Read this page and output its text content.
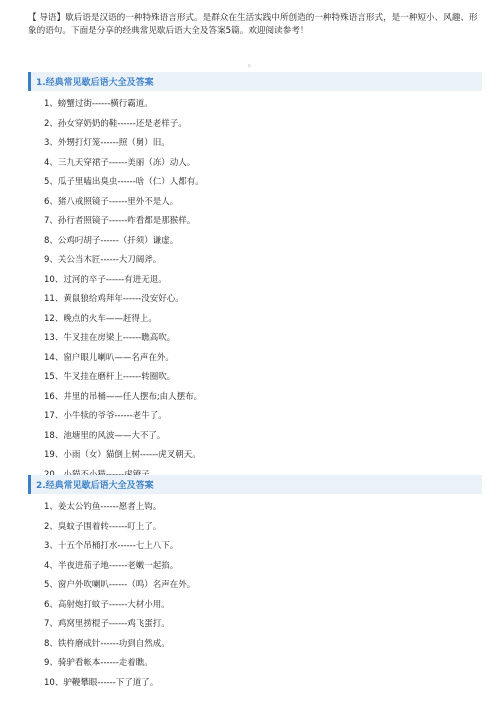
【 导语】歇后语是汉语的一种特殊语言形式。是群众在生活实践中所创造的一种特殊语言形式，是一种短小、风趣、形象的语句。下面是分享的经典常见歇后语大全及答案5篇。欢迎阅读参考！
。
1.经典常见歇后语大全及答案
1、螃蟹过街------横行霸道。
2、孙女穿奶奶的鞋------还是老样子。
3、外甥打灯笼------照（舅）旧。
4、三九天穿裙子------美丽（冻）动人。
5、瓜子里嗑出臭虫------啥（仁）人都有。
6、猪八戒照镜子------里外不是人。
7、孙行者照镜子------咋看都是那猴样。
8、公鸡叼胡子------（扦须）谦虚。
9、关公当木匠------大刀阔斧。
10、过河的卒子------有进无退。
11、黄鼠狼给鸡拜年------没安好心。
12、晚点的火车——赶得上。
13、牛叉挂在房梁上------瞧高吹。
14、窗户眼儿喇叭——名声在外。
15、牛叉挂在磨杆上------转圈吹。
16、井里的吊桶——任人摆布;由人摆布。
17、小牛犊的爷爷------老牛了。
18、池塘里的风波——大不了。
19、小雨（女）猫倒上树------虎叉朝天。
2.经典常见歇后语大全及答案
1、姜太公钓鱼------愿者上钩。
2、臭蚊子围着转------叮上了。
3、十五个吊桶打水------七上八下。
4、半夜进茄子地------老嫩一起掐。
5、窗户外吹喇叭------（鸣）名声在外。
6、高射炮打蚊子------大材小用。
7、鸡窝里捞棍子------鸡飞蛋打。
8、铁杵磨成针------功到自然成。
9、骑驴看帐本------走着瞧。
10、驴鞭攀眼------下了道了。
